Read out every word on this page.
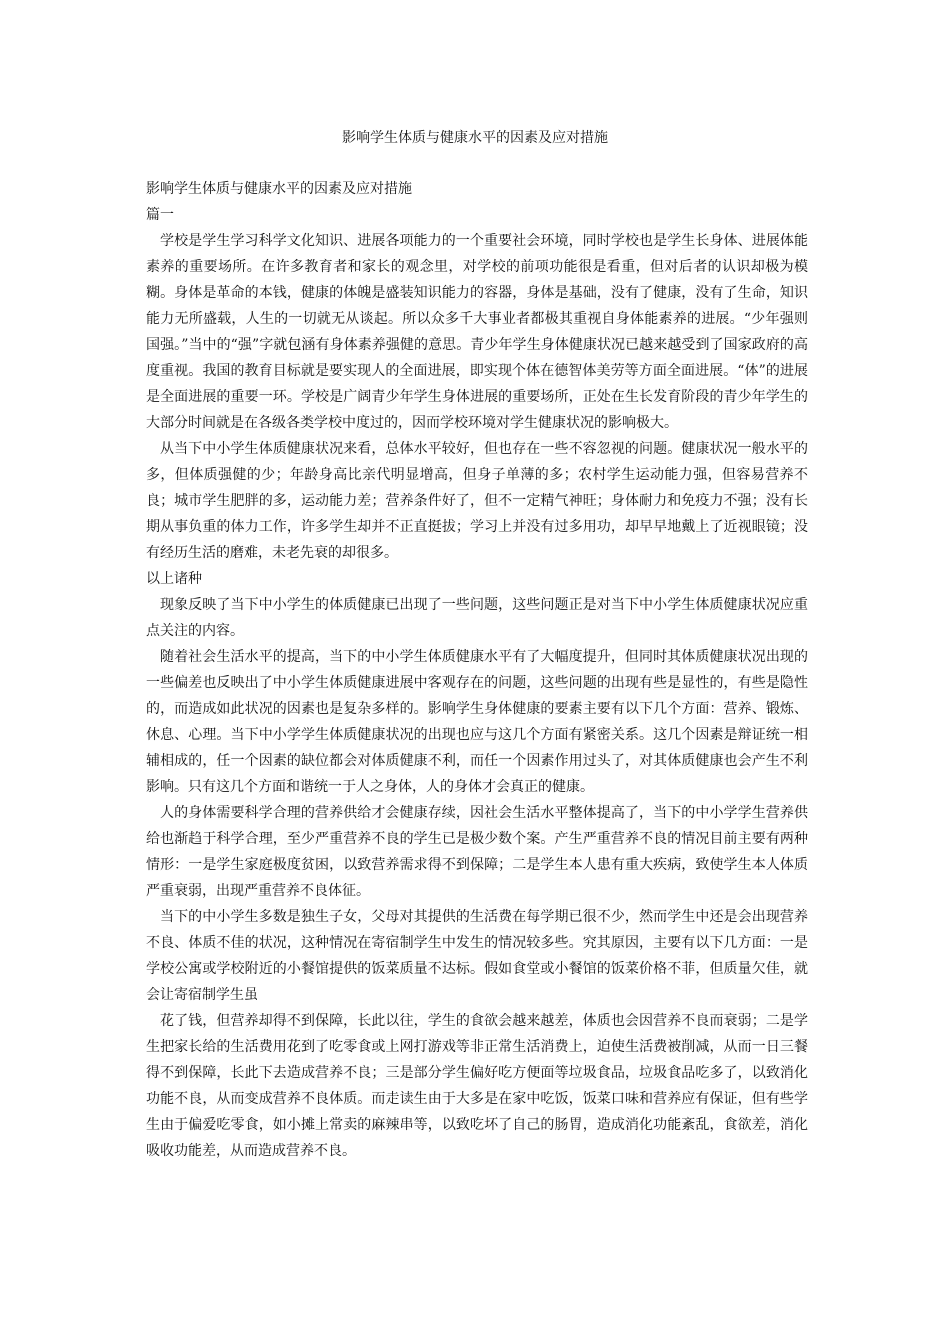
影响学生体质与健康水平的因素及应对措施

影响学生体质与健康水平的因素及应对措施

篇一

学校是学生学习科学文化知识、进展各项能力的一个重要社会环境，同时学校也是学生长身体、进展体能素养的重要场所。在许多教育者和家长的观念里，对学校的前项功能很是看重，但对后者的认识却极为模糊。身体是革命的本钱，健康的体魄是盛装知识能力的容器，身体是基础，没有了健康，没有了生命，知识能力无所盛载，人生的一切就无从谈起。所以众多千大事业者都极其重视自身体能素养的进展。“少年强则国强。”当中的“强”字就包涵有身体素养强健的意思。青少年学生身体健康状况已越来越受到了国家政府的高度重视。我国的教育目标就是要实现人的全面进展，即实现个体在德智体美劳等方面全面进展。“体”的进展是全面进展的重要一环。学校是广阔青少年学生身体进展的重要场所，正处在生长发育阶段的青少年学生的大部分时间就是在各级各类学校中度过的，因而学校环境对学生健康状况的影响极大。

从当下中小学生体质健康状况来看，总体水平较好，但也存在一些不容忽视的问题。健康状况一般水平的多，但体质强健的少；年龄身高比亲代明显增高，但身子单薄的多；农村学生运动能力强，但容易营养不良；城市学生肥胖的多，运动能力差；营养条件好了，但不一定精气神旺；身体耐力和免疫力不强；没有长期从事负重的体力工作，许多学生却并不正直挺拔；学习上并没有过多用功，却早早地戴上了近视眼镜；没有经历生活的磨难，未老先衰的却很多。

以上诸种

现象反映了当下中小学生的体质健康已出现了一些问题，这些问题正是对当下中小学生体质健康状况应重点关注的内容。

随着社会生活水平的提高，当下的中小学生体质健康水平有了大幅度提升，但同时其体质健康状况出现的一些偏差也反映出了中小学生体质健康进展中客观存在的问题，这些问题的出现有些是显性的，有些是隐性的，而造成如此状况的因素也是复杂多样的。影响学生身体健康的要素主要有以下几个方面：营养、锻炼、休息、心理。当下中小学学生体质健康状况的出现也应与这几个方面有紧密关系。这几个因素是辩证统一相辅相成的，任一个因素的缺位都会对体质健康不利，而任一个因素作用过头了，对其体质健康也会产生不利影响。只有这几个方面和谐统一于人之身体，人的身体才会真正的健康。

人的身体需要科学合理的营养供给才会健康存续，因社会生活水平整体提高了，当下的中小学学生营养供给也渐趋于科学合理，至少严重营养不良的学生已是极少数个案。产生严重营养不良的情况目前主要有两种情形：一是学生家庭极度贫困，以致营养需求得不到保障；二是学生本人患有重大疾病，致使学生本人体质严重衰弱，出现严重营养不良体征。

当下的中小学生多数是独生子女，父母对其提供的生活费在每学期已很不少，然而学生中还是会出现营养不良、体质不佳的状况，这种情况在寄宿制学生中发生的情况较多些。究其原因，主要有以下几方面：一是学校公寓或学校附近的小餐馆提供的饭菜质量不达标。假如食堂或小餐馆的饭菜价格不菲，但质量欠佳，就会让寄宿制学生虽

花了钱，但营养却得不到保障，长此以往，学生的食欲会越来越差，体质也会因营养不良而衰弱；二是学生把家长给的生活费用花到了吃零食或上网打游戏等非正常生活消费上，迫使生活费被削减，从而一日三餐得不到保障，长此下去造成营养不良；三是部分学生偏好吃方便面等垃圾食品，垃圾食品吃多了，以致消化功能不良，从而变成营养不良体质。而走读生由于大多是在家中吃饭，饭菜口味和营养应有保证，但有些学生由于偏爱吃零食，如小摊上常卖的麻辣串等，以致吃坏了自己的肠胃，造成消化功能紊乱，食欲差，消化吸收功能差，从而造成营养不良。
